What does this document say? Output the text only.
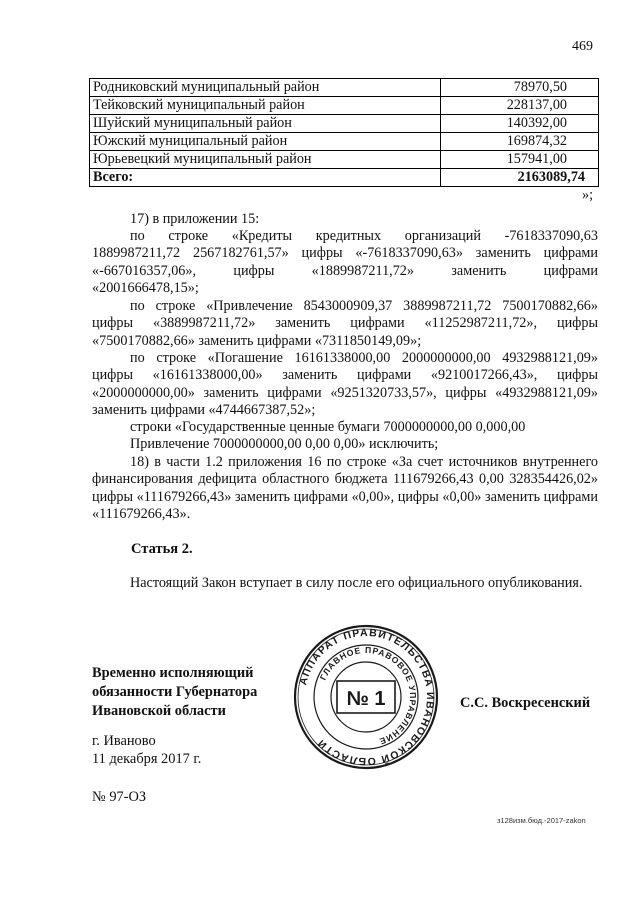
469
Родниковский муниципальный район	78970,50
Тейковский муниципальный район	228137,00
Шуйский муниципальный район	140392,00
Южский муниципальный район	169874,32
Юрьевецкий муниципальный район	157941,00
Всего:	2163089,74
»;

17) в приложении 15:

по строке «Кредиты кредитных организаций -7618337090,63
1889987211,72 2567182761,57» цифры «-7618337090,63» заменить цифрами
«-667016357,06», цифры «1889987211,72» заменить цифрами
«2001666478,15»;

по строке «Привлечение 8543000909,37 3889987211,72 7500170882,66» цифры «3889987211,72» заменить цифрами «11252987211,72», цифры «7500170882,66» заменить цифрами «7311850149,09»;

по строке «Погашение 16161338000,00 2000000000,00 4932988121,09» цифры «16161338000,00» заменить цифрами «9210017266,43», цифры «2000000000,00» заменить цифрами «9251320733,57», цифры «4932988121,09» заменить цифрами «4744667387,52»;

строки «Государственные ценные бумаги 7000000000,00 0,000,00
Привлечение 7000000000,00 0,00 0,00» исключить;

18) в части 1.2 приложения 16 по строке «За счет источников внутреннего финансирования дефицита областного бюджета 111679266,43 0,00 328354426,02» цифры «111679266,43» заменить цифрами «0,00», цифры «0,00» заменить цифрами «111679266,43».

Статья 2.

Настоящий Закон вступает в силу после его официального опубликования.

Временно исполняющий
обязанности Губернатора
Ивановской области
АППАРАТ ПРАВИТЕЛЬСТВА ИВАНОВСКОЙ ОБЛАСТИ
ГЛАВНОЕ ПРАВОВОЕ УПРАВЛЕНИЕ
№ 1	С.С. Воскресенский
г. Иваново
11 декабря 2017 г.
№ 97-ОЗ
з128изм.бюд.-2017-zakon
